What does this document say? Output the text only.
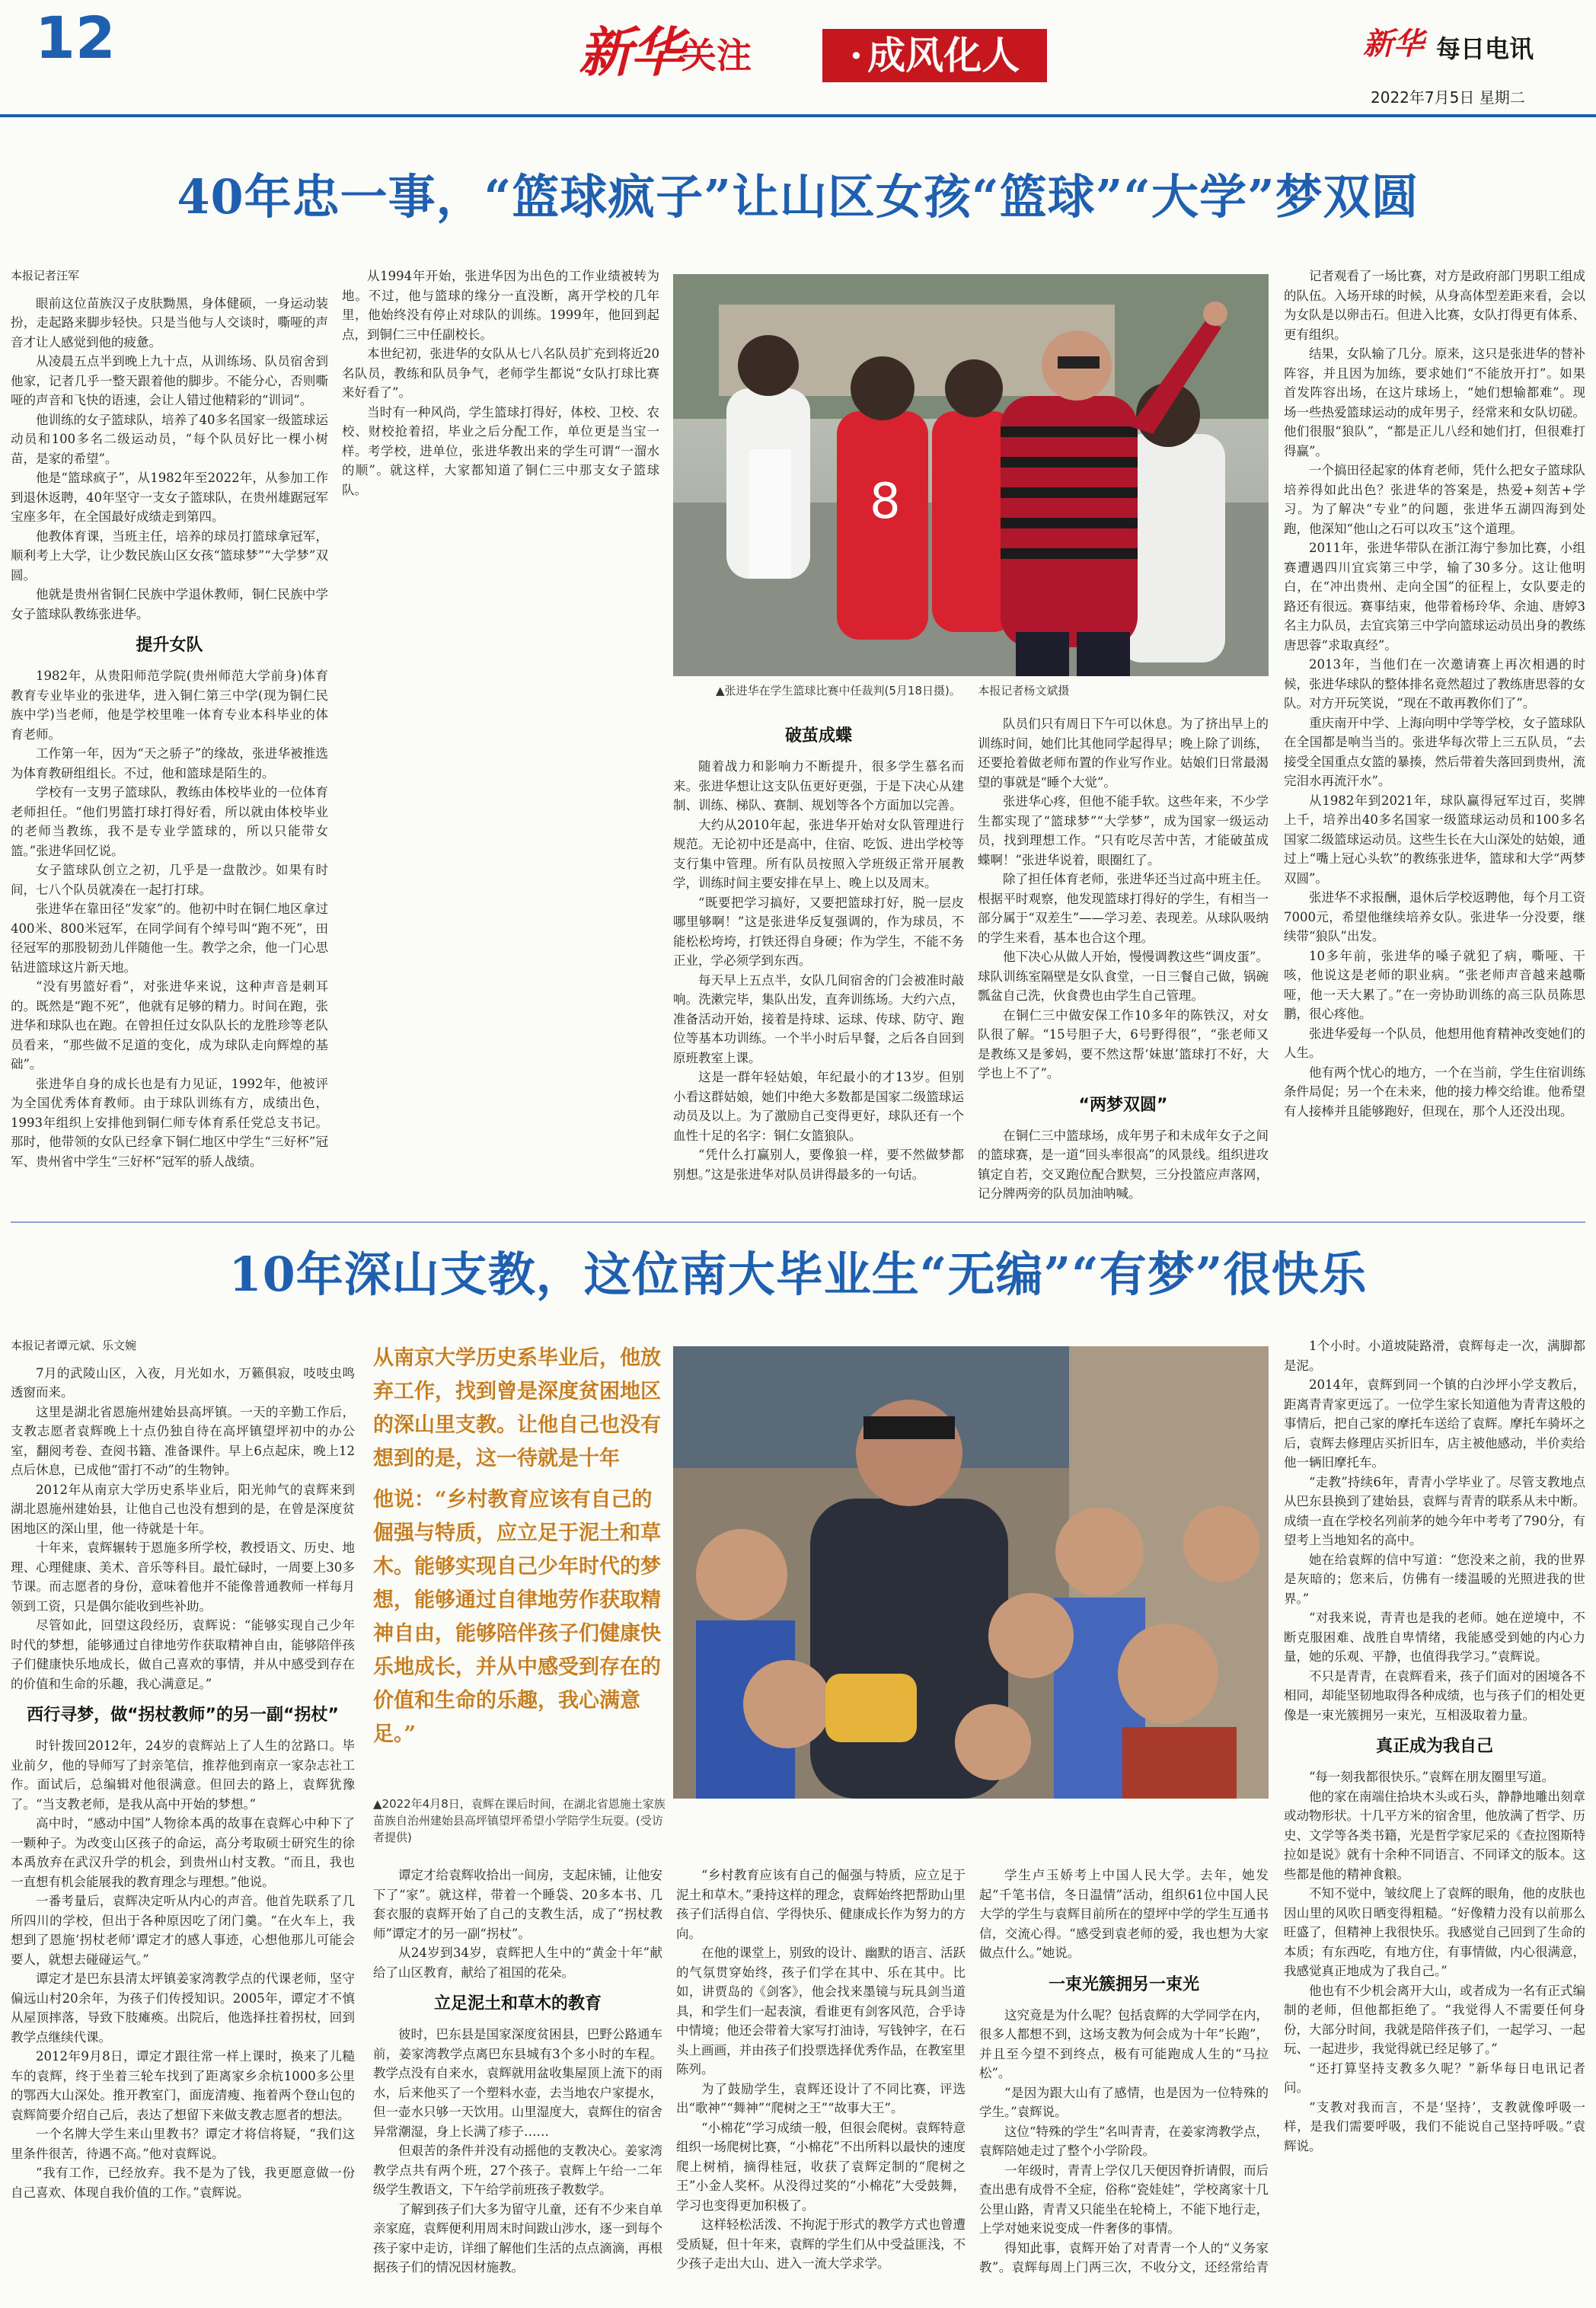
12	新华 关注	· 成风化人	新华 每日电讯
2022年7月5日 星期二
40年忠一事，“篮球疯子”让山区女孩“篮球”“大学”梦双圆

本报记者汪军

眼前这位苗族汉子皮肤黝黑，身体健硕，一身运动装扮，走起路来脚步轻快。只是当他与人交谈时，嘶哑的声音才让人感觉到他的疲惫。

从凌晨五点半到晚上九十点，从训练场、队员宿舍到他家，记者几乎一整天跟着他的脚步。不能分心，否则嘶哑的声音和飞快的语速，会让人错过他精彩的“训词”。

他训练的女子篮球队，培养了40多名国家一级篮球运动员和100多名二级运动员，“每个队员好比一棵小树苗，是家的希望”。

他是“篮球疯子”，从1982年至2022年，从参加工作到退休返聘，40年坚守一支女子篮球队，在贵州雄踞冠军宝座多年，在全国最好成绩走到第四。

他教体育课，当班主任，培养的球员打篮球拿冠军，顺利考上大学，让少数民族山区女孩“篮球梦”“大学梦”双圆。

他就是贵州省铜仁民族中学退休教师，铜仁民族中学女子篮球队教练张进华。

提升女队

1982年，从贵阳师范学院(贵州师范大学前身)体育教育专业毕业的张进华，进入铜仁第三中学(现为铜仁民族中学)当老师，他是学校里唯一体育专业本科毕业的体育老师。

工作第一年，因为“天之骄子”的缘故，张进华被推选为体育教研组组长。不过，他和篮球是陌生的。

学校有一支男子篮球队，教练由体校毕业的一位体育老师担任。“他们男篮打球打得好看，所以就由体校毕业的老师当教练，我不是专业学篮球的，所以只能带女篮。”张进华回忆说。

女子篮球队创立之初，几乎是一盘散沙。如果有时间，七八个队员就凑在一起打打球。

张进华在靠田径“发家”的。他初中时在铜仁地区拿过400米、800米冠军，在同学间有个绰号叫“跑不死”，田径冠军的那股韧劲儿伴随他一生。教学之余，他一门心思钻进篮球这片新天地。

“没有男篮好看”，对张进华来说，这种声音是刺耳的。既然是“跑不死”，他就有足够的精力。时间在跑，张进华和球队也在跑。在曾担任过女队队长的龙胜珍等老队员看来，“那些做不足道的变化，成为球队走向辉煌的基础”。

张进华自身的成长也是有力见证，1992年，他被评为全国优秀体育教师。由于球队训练有方，成绩出色，1993年组织上安排他到铜仁师专体育系任党总支书记。那时，他带领的女队已经拿下铜仁地区中学生“三好杯”冠军、贵州省中学生“三好杯”冠军的骄人战绩。

从1994年开始，张进华因为出色的工作业绩被转为地。不过，他与篮球的缘分一直没断，离开学校的几年里，他始终没有停止对球队的训练。1999年，他回到起点，到铜仁三中任副校长。

本世纪初，张进华的女队从七八名队员扩充到将近20名队员，教练和队员争气，老师学生都说“女队打球比赛来好看了”。

当时有一种风尚，学生篮球打得好，体校、卫校、农校、财校抢着招，毕业之后分配工作，单位更是当宝一样。考学校，进单位，张进华教出来的学生可谓“一溜水的顺”。就这样，大家都知道了铜仁三中那支女子篮球队。	8
▲张进华在学生篮球比赛中任裁判(5月18日摄)。　　本报记者杨文斌摄
破茧成蝶

随着战力和影响力不断提升，很多学生慕名而来。张进华想让这支队伍更好更强，于是下决心从建制、训练、梯队、赛制、规划等各个方面加以完善。

大约从2010年起，张进华开始对女队管理进行规范。无论初中还是高中，住宿、吃饭、进出学校等支行集中管理。所有队员按照入学班级正常开展教学，训练时间主要安排在早上、晚上以及周末。

“既要把学习搞好，又要把篮球打好，脱一层皮哪里够啊！”这是张进华反复强调的，作为球员，不能松松垮垮，打铁还得自身硬；作为学生，不能不务正业，学必须学到东西。

每天早上五点半，女队几间宿舍的门会被准时敲响。洗漱完毕，集队出发，直奔训练场。大约六点，准备活动开始，接着是持球、运球、传球、防守、跑位等基本功训练。一个半小时后早餐，之后各自回到原班教室上课。

这是一群年轻姑娘，年纪最小的才13岁。但别小看这群姑娘，她们中绝大多数都是国家二级篮球运动员及以上。为了激励自己变得更好，球队还有一个血性十足的名字：铜仁女篮狼队。

“凭什么打赢别人，要像狼一样，要不然做梦都别想。”这是张进华对队员讲得最多的一句话。

队员们只有周日下午可以休息。为了挤出早上的训练时间，她们比其他同学起得早；晚上除了训练，还要抢着做老师布置的作业写作业。姑娘们日常最渴望的事就是“睡个大觉”。

张进华心疼，但他不能手软。这些年来，不少学生都实现了“篮球梦”“大学梦”，成为国家一级运动员，找到理想工作。“只有吃尽苦中苦，才能破茧成蝶啊！”张进华说着，眼圈红了。

除了担任体育老师，张进华还当过高中班主任。根据平时观察，他发现篮球打得好的学生，有相当一部分属于“双差生”——学习差、表现差。从球队吸纳的学生来看，基本也合这个理。

他下决心从做人开始，慢慢调教这些“调皮蛋”。球队训练室隔壁是女队食堂，一日三餐自己做，锅碗瓢盆自己洗，伙食费也由学生自己管理。

在铜仁三中做安保工作10多年的陈铁汉，对女队很了解。“15号胆子大，6号野得很”，“张老师又是教练又是爹妈，要不然这帮‘妹崽’篮球打不好，大学也上不了”。

“两梦双圆”

在铜仁三中篮球场，成年男子和未成年女子之间的篮球赛，是一道“回头率很高”的风景线。组织进攻镇定自若，交叉跑位配合默契，三分投篮应声落网，记分牌两旁的队员加油呐喊。

记者观看了一场比赛，对方是政府部门男职工组成的队伍。入场开球的时候，从身高体型差距来看，会以为女队是以卵击石。但进入比赛，女队打得更有体系、更有组织。

结果，女队输了几分。原来，这只是张进华的替补阵容，并且因为加练，要求她们“不能放开打”。如果首发阵容出场，在这片球场上，“她们想输都难”。现场一些热爱篮球运动的成年男子，经常来和女队切磋。他们很服“狼队”，“都是正儿八经和她们打，但很难打得赢”。

一个搞田径起家的体育老师，凭什么把女子篮球队培养得如此出色？张进华的答案是，热爱+刻苦+学习。为了解决“专业”的问题，张进华五湖四海到处跑，他深知“他山之石可以攻玉”这个道理。

2011年，张进华带队在浙江海宁参加比赛，小组赛遭遇四川宜宾第三中学，输了30多分。这让他明白，在“冲出贵州、走向全国”的征程上，女队要走的路还有很远。赛事结束，他带着杨玲华、余迪、唐婷3名主力队员，去宜宾第三中学向篮球运动员出身的教练唐思蓉“求取真经”。

2013年，当他们在一次邀请赛上再次相遇的时候，张进华球队的整体排名竟然超过了教练唐思蓉的女队。对方开玩笑说，“现在不敢再教你们了”。

重庆南开中学、上海向明中学等学校，女子篮球队在全国都是响当当的。张进华每次带上三五队员，“去接受全国重点女篮的暴揍，然后带着失落回到贵州，流完泪水再流汗水”。

从1982年到2021年，球队赢得冠军过百，奖牌上千，培养出40多名国家一级篮球运动员和100多名国家二级篮球运动员。这些生长在大山深处的姑娘，通过上“嘴上冠心头软”的教练张进华，篮球和大学“两梦双圆”。

张进华不求报酬，退休后学校返聘他，每个月工资7000元，希望他继续培养女队。张进华一分没要，继续带“狼队”出发。

10多年前，张进华的嗓子就犯了病，嘶哑、干咳，他说这是老师的职业病。“张老师声音越来越嘶哑，他一天大累了。”在一旁协助训练的高三队员陈思鹏，很心疼他。

张进华爱每一个队员，他想用他育精神改变她们的人生。

他有两个忧心的地方，一个在当前，学生住宿训练条件局促；另一个在未来，他的接力棒交给谁。他希望有人接棒并且能够跑好，但现在，那个人还没出现。

10年深山支教，这位南大毕业生“无编”“有梦”很快乐

本报记者谭元斌、乐文婉

7月的武陵山区，入夜，月光如水，万籁俱寂，吱吱虫鸣透窗而来。

这里是湖北省恩施州建始县高坪镇。一天的辛勤工作后，支教志愿者袁辉晚上十点仍独自待在高坪镇望坪初中的办公室，翻阅考卷、查阅书籍、准备课件。早上6点起床，晚上12点后休息，已成他“雷打不动”的生物钟。

2012年从南京大学历史系毕业后，阳光帅气的袁辉来到湖北恩施州建始县，让他自己也没有想到的是，在曾是深度贫困地区的深山里，他一待就是十年。

十年来，袁辉辗转于恩施多所学校，教授语文、历史、地理、心理健康、美术、音乐等科目。最忙碌时，一周要上30多节课。而志愿者的身份，意味着他并不能像普通教师一样每月领到工资，只是偶尔能收到些补助。

尽管如此，回望这段经历，袁辉说：“能够实现自己少年时代的梦想，能够通过自律地劳作获取精神自由，能够陪伴孩子们健康快乐地成长，做自己喜欢的事情，并从中感受到存在的价值和生命的乐趣，我心满意足。”

西行寻梦，做“拐杖教师”的另一副“拐杖”

时针拨回2012年，24岁的袁辉站上了人生的岔路口。毕业前夕，他的导师写了封亲笔信，推荐他到南京一家杂志社工作。面试后，总编辑对他很满意。但回去的路上，袁辉犹豫了。“当支教老师，是我从高中开始的梦想。”

高中时，“感动中国”人物徐本禹的故事在袁辉心中种下了一颗种子。为改变山区孩子的命运，高分考取硕士研究生的徐本禹放弃在武汉升学的机会，到贵州山村支教。“而且，我也一直想有机会能展我的教育理念与理想。”他说。

一番考量后，袁辉决定听从内心的声音。他首先联系了几所四川的学校，但出于各种原因吃了闭门羹。“在火车上，我想到了恩施‘拐杖老师’谭定才的感人事迹，心想他那儿可能会要人，就想去碰碰运气。”

谭定才是巴东县清太坪镇姜家湾教学点的代课老师，坚守偏远山村20余年，为孩子们传授知识。2005年，谭定才不慎从屋顶摔落，导致下肢瘫痪。出院后，他选择拄着拐杖，回到教学点继续代课。

2012年9月8日，谭定才跟往常一样上课时，换来了儿糙车的袁辉，终于坐着三轮车找到了距离家乡余杭1000多公里的鄂西大山深处。推开教室门，面庞清瘦、拖着两个登山包的袁辉简要介绍自己后，表达了想留下来做支教志愿者的想法。

一个名牌大学生来山里教书？谭定才将信将疑，“我们这里条件很苦，待遇不高。”他对袁辉说。

“我有工作，已经放弃。我不是为了钱，我更愿意做一份自己喜欢、体现自我价值的工作。”袁辉说。

从南京大学历史系毕业后，他放弃工作，找到曾是深度贫困地区的深山里支教。让他自己也没有想到的是，这一待就是十年

他说：“乡村教育应该有自己的倔强与特质，应立足于泥土和草木。能够实现自己少年时代的梦想，能够通过自律地劳作获取精神自由，能够陪伴孩子们健康快乐地成长，并从中感受到存在的价值和生命的乐趣，我心满意足。”

▲2022年4月8日，袁辉在课后时间，在湖北省恩施土家族苗族自治州建始县高坪镇望坪希望小学陪学生玩耍。(受访者提供)

谭定才给袁辉收拾出一间房，支起床铺，让他安下了“家”。就这样，带着一个睡袋、20多本书、几套衣服的袁辉开始了自己的支教生活，成了“拐杖教师”谭定才的另一副“拐杖”。

从24岁到34岁，袁辉把人生中的“黄金十年”献给了山区教育，献给了祖国的花朵。

立足泥土和草木的教育

彼时，巴东县是国家深度贫困县，巴野公路通车前，姜家湾教学点离巴东县城有3个多小时的车程。教学点没有自来水，袁辉就用盆收集屋顶上流下的雨水，后来他买了一个塑料水壶，去当地农户家提水，但一壶水只够一天饮用。山里湿度大，袁辉住的宿舍异常潮湿，身上长满了疹子……

但艰苦的条件并没有动摇他的支教决心。姜家湾教学点共有两个班，27个孩子。袁辉上午给一二年级学生教语文，下午给学前班孩子教数学。

了解到孩子们大多为留守儿童，还有不少来自单亲家庭，袁辉便利用周末时间跋山涉水，逐一到每个孩子家中走访，详细了解他们生活的点点滴滴，再根据孩子们的情况因材施教。

“乡村教育应该有自己的倔强与特质，应立足于泥土和草木。”秉持这样的理念，袁辉始终把帮助山里孩子们活得自信、学得快乐、健康成长作为努力的方向。

在他的课堂上，别致的设计、幽默的语言、活跃的气氛贯穿始终，孩子们学在其中、乐在其中。比如，讲贾岛的《剑客》，他会找来墨镜与玩具剑当道具，和学生们一起表演，看谁更有剑客风范，合乎诗中情境；他还会带着大家写打油诗，写钱钟字，在石头上画画，并由孩子们投票选择优秀作品，在教室里陈列。

为了鼓励学生，袁辉还设计了不同比赛，评选出“歌神”“舞神”“爬树之王”“故事大王”。

“小棉花”学习成绩一般，但很会爬树。袁辉特意组织一场爬树比赛，“小棉花”不出所料以最快的速度爬上树梢，摘得桂冠，收获了袁辉定制的“爬树之王”小金人奖杯。从没得过奖的“小棉花”大受鼓舞，学习也变得更加积极了。

这样轻松活泼、不拘泥于形式的教学方式也曾遭受质疑，但十年来，袁辉的学生们从中受益匪浅，不少孩子走出大山、进入一流大学求学。

学生卢玉娇考上中国人民大学。去年，她发起“千笔书信，冬日温情”活动，组织61位中国人民大学的学生与袁辉目前所在的望坪中学的学生互通书信，交流心得。“感受到袁老师的爱，我也想为大家做点什么。”她说。

一束光簇拥另一束光

这究竟是为什么呢？包括袁辉的大学同学在内，很多人都想不到，这场支教为何会成为十年“长跑”，并且至今望不到终点，极有可能跑成人生的“马拉松”。

“是因为跟大山有了感情，也是因为一位特殊的学生。”袁辉说。

这位“特殊的学生”名叫青青，在姜家湾教学点，袁辉陪她走过了整个小学阶段。

一年级时，青青上学仅几天便因脊折请假，而后查出患有成骨不全症，俗称“瓷娃娃”，学校离家十几公里山路，青青又只能坐在轮椅上，不能下地行走，上学对她来说变成一件奢侈的事情。

得知此事，袁辉开始了对青青一个人的“义务家教”。袁辉每周上门两三次，不收分文，还经常给青

1个小时。小道坡陡路滑，袁辉每走一次，满脚都是泥。

2014年，袁辉到同一个镇的白沙坪小学支教后，距离青青家更远了。一位学生家长知道他为青青这般的事情后，把自己家的摩托车送给了袁辉。摩托车骑坏之后，袁辉去修理店买折旧车，店主被他感动，半价卖给他一辆旧摩托车。

“走教”持续6年，青青小学毕业了。尽管支教地点从巴东县换到了建始县，袁辉与青青的联系从未中断。成绩一直在学校名列前茅的她今年中考考了790分，有望考上当地知名的高中。

她在给袁辉的信中写道：“您没来之前，我的世界是灰暗的；您来后，仿佛有一缕温暖的光照进我的世界。”

“对我来说，青青也是我的老师。她在逆境中，不断克服困难、战胜自卑情绪，我能感受到她的内心力量，她的乐观、平静，也值得我学习。”袁辉说。

不只是青青，在袁辉看来，孩子们面对的困境各不相同，却能坚韧地取得各种成绩，也与孩子们的相处更像是一束光簇拥另一束光，互相汲取着力量。

真正成为我自己

“每一刻我都很快乐。”袁辉在朋友圈里写道。

他的家在南端住拾块木头或石头，静静地雕出刻章或动物形状。十几平方米的宿舍里，他放满了哲学、历史、文学等各类书籍，光是哲学家尼采的《查拉图斯特拉如是说》就有十余种不同语言、不同译文的版本。这些都是他的精神食粮。

不知不觉中，皱纹爬上了袁辉的眼角，他的皮肤也因山里的风吹日晒变得粗糙。“好像精力没有以前那么旺盛了，但精神上我很快乐。我感觉自己回到了生命的本质；有东西吃，有地方住，有事情做，内心很满意，我感觉真正地成为了我自己。”

他也有不少机会离开大山，或者成为一名有正式编制的老师，但他都拒绝了。“我觉得人不需要任何身份，大部分时间，我就是陪伴孩子们，一起学习、一起玩、一起进步，我觉得就已经足够了。”

“还打算坚持支教多久呢？”新华每日电讯记者问。

“支教对我而言，不是‘坚持’，支教就像呼吸一样，是我们需要呼吸，我们不能说自己坚持呼吸。”袁辉说。
